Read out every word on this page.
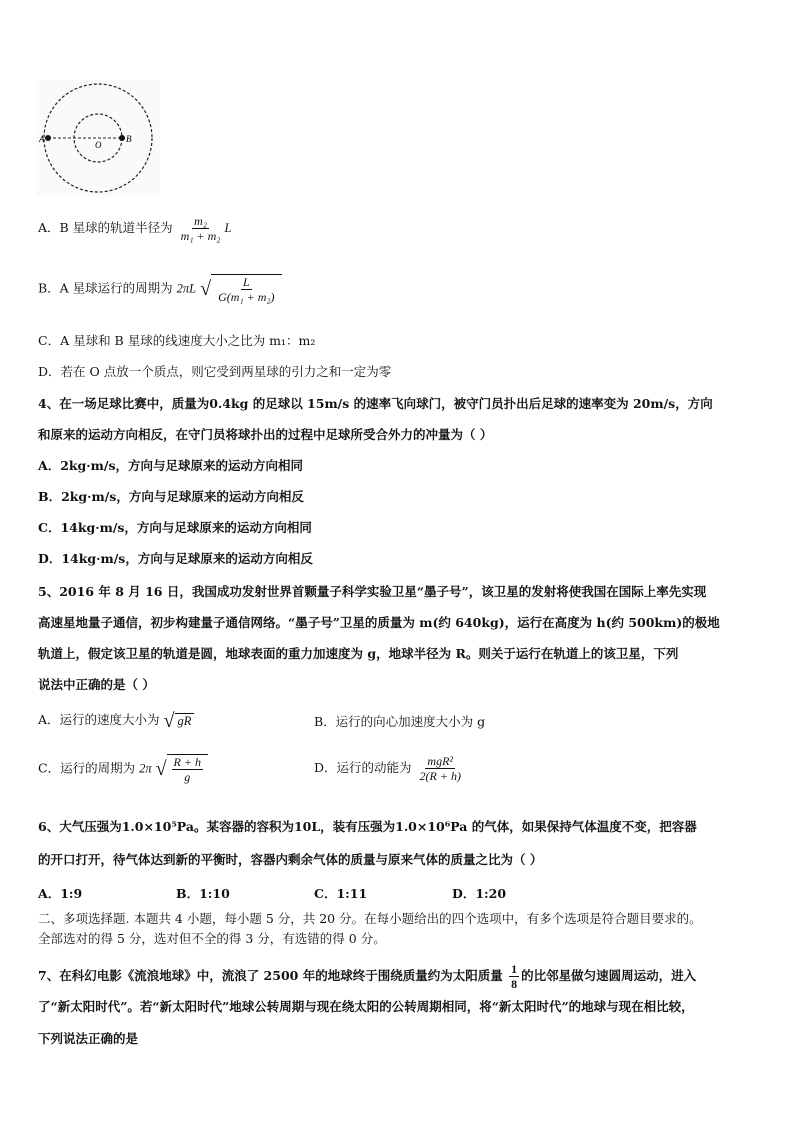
A
O
B
A．B 星球的轨道半径为 $\frac{\text{m₂}}{\text{m₁ + m₂}}$ L
B．A 星球运行的周期为 2πL √ $\frac{L}{\text{G(m₁ + m₂)}}$
C．A 星球和 B 星球的线速度大小之比为 m₁：m₂
D．若在 O 点放一个质点，则它受到两星球的引力之和一定为零
4、在一场足球比赛中，质量为0.4kg 的足球以 15m/s 的速率飞向球门，被守门员扑出后足球的速率变为 20m/s，方向
和原来的运动方向相反，在守门员将球扑出的过程中足球所受合外力的冲量为（ ）
A．2kg·m/s，方向与足球原来的运动方向相同
B．2kg·m/s，方向与足球原来的运动方向相反
C．14kg·m/s，方向与足球原来的运动方向相同
D．14kg·m/s，方向与足球原来的运动方向相反
5、2016 年 8 月 16 日，我国成功发射世界首颗量子科学实验卫星“墨子号”，该卫星的发射将使我国在国际上率先实现
高速星地量子通信，初步构建量子通信网络。“墨子号”卫星的质量为 m(约 640kg)，运行在高度为 h(约 500km)的极地
轨道上，假定该卫星的轨道是圆，地球表面的重力加速度为 g，地球半径为 R。则关于运行在轨道上的该卫星，下列
说法中正确的是（ ）
A．运行的速度大小为 √ gR	B．运行的向心加速度大小为 g
C．运行的周期为 2π √ $\frac{R + h}{g}$	D．运行的动能为 $\frac{\text{mgR²}}{2(R + h)}$
6、大气压强为1.0×10⁵Pa。某容器的容积为10L，装有压强为1.0×10⁶Pa 的气体，如果保持气体温度不变，把容器
的开口打开，待气体达到新的平衡时，容器内剩余气体的质量与原来气体的质量之比为（ ）
A．1:9	B．1:10	C．1:11	D．1:20
二、多项选择题. 本题共 4 小题，每小题 5 分，共 20 分。在每小题给出的四个选项中，有多个选项是符合题目要求的。
全部选对的得 5 分，选对但不全的得 3 分，有选错的得 0 分。
7、在科幻电影《流浪地球》中，流浪了 2500 年的地球终于围绕质量约为太阳质量 $\frac{1}{8}$ 的比邻星做匀速圆周运动，进入
了“新太阳时代”。若“新太阳时代”地球公转周期与现在绕太阳的公转周期相同，将“新太阳时代”的地球与现在相比较，
下列说法正确的是
